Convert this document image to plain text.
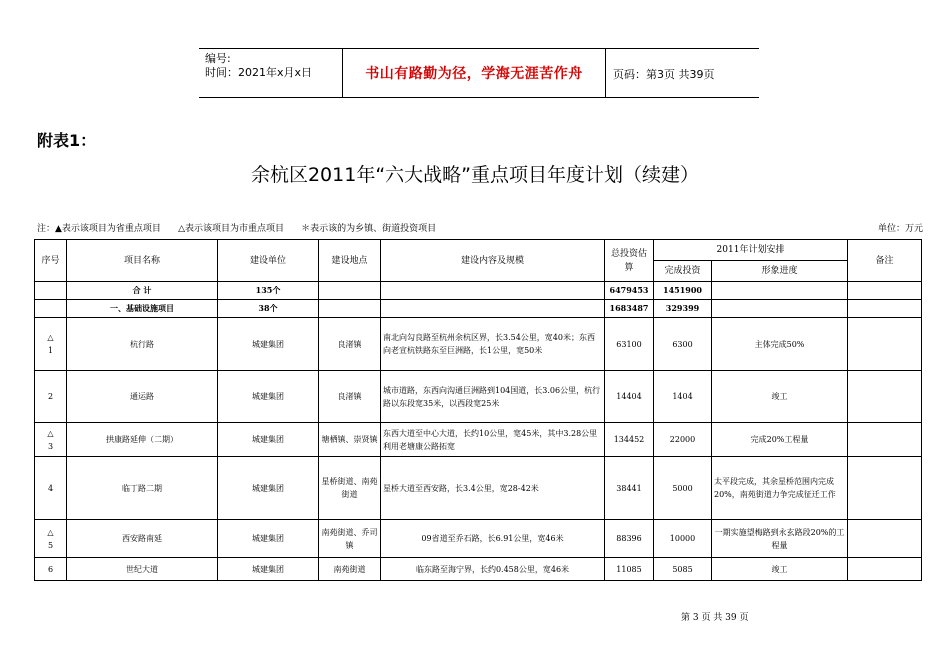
编号:
时间：2021年x月x日	书山有路勤为径，学海无涯苦作舟	页码：第3页 共39页
附表1：
余杭区2011年“六大战略”重点项目年度计划（续建）
注：▲表示该项目为省重点项目      △表示该项目为市重点项目      ＊表示该的为乡镇、街道投资项目	单位：万元
序号	项目名称	建设单位	建设地点	建设内容及规模	总投资估算	2011年计划安排		备注
						完成投资	形象进度	
	合 计	135个			6479453	1451900		
	一、基础设施项目	38个			1683487	329399		

△
1	杭行路	城建集团	良渚镇	南北向勾良路至杭州余杭区界，长3.54公里，宽40米；东西向老宣杭铁路东至巨洲路，长1公里，宽50米	63100	6300	主体完成50%	

2	通运路	城建集团	良渚镇	城市道路，东西向沟通巨洲路到104国道，长3.06公里，杭行路以东段宽35米，以西段宽25米	14404	1404	竣工	

△
3	拱康路延伸（二期）	城建集团	塘栖镇、崇贤镇	东西大道至中心大道，长约10公里，宽45米，其中3.28公里利用老塘康公路拓宽	134452	22000	完成20%工程量	

4	临丁路二期	城建集团	星桥街道、南苑街道	星桥大道至西安路，长3.4公里，宽28-42米	38441	5000	太平段完成，其余星桥范围内完成20%，南苑街道力争完成征迁工作	

△
5	西安路南延	城建集团	南苑街道、乔司镇	09省道至乔石路，长6.91公里，宽46米	88396	10000	一期实施望梅路到永玄路段20%的工程量	

6	世纪大道	城建集团	南苑街道	临东路至海宁界，长约0.458公里，宽46米	11085	5085	竣工	
第 3 页 共 39 页
